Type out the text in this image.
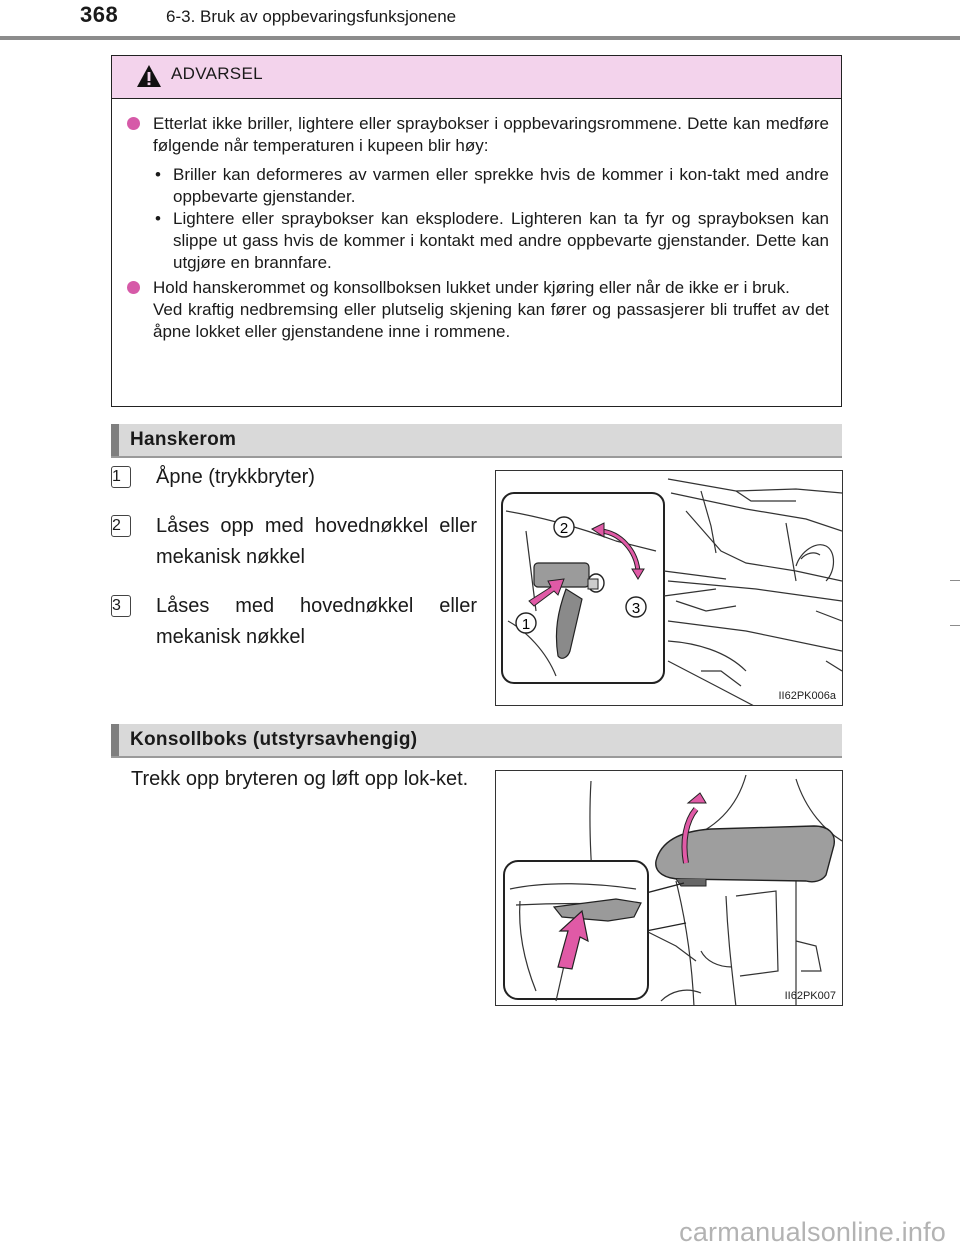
368	6-3. Bruk av oppbevaringsfunksjonene
ADVARSEL
Etterlat ikke briller, lightere eller spraybokser i oppbevaringsrommene. Dette kan medføre følgende når temperaturen i kupeen blir høy:
• Briller kan deformeres av varmen eller sprekke hvis de kommer i kon-takt med andre oppbevarte gjenstander.
• Lightere eller spraybokser kan eksplodere. Lighteren kan ta fyr og sprayboksen kan slippe ut gass hvis de kommer i kontakt med andre oppbevarte gjenstander. Dette kan utgjøre en brannfare.
Hold hanskerommet og konsollboksen lukket under kjøring eller når de ikke er i bruk.
Ved kraftig nedbremsing eller plutselig skjening kan fører og passasjerer bli truffet av det åpne lokket eller gjenstandene inne i rommene.
Hanskerom
1	Åpne (trykkbryter)
2	Låses opp med hovednøkkel eller mekanisk nøkkel
3	Låses med hovednøkkel eller mekanisk nøkkel
1
2
3
II62PK006a
Konsollboks (utstyrsavhengig)
Trekk opp bryteren og løft opp lok-ket.
II62PK007
carmanualsonline.info
